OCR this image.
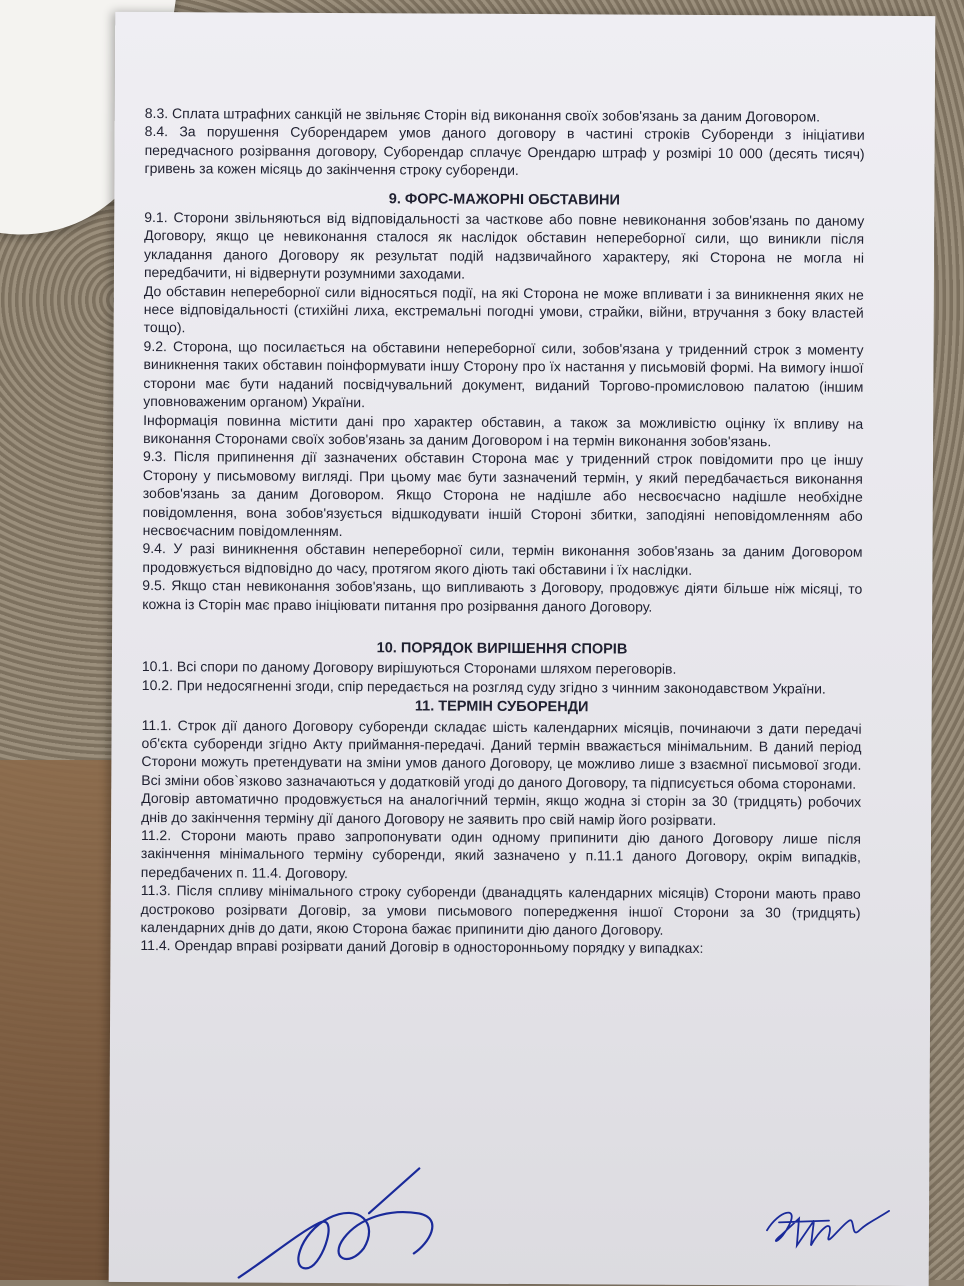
8.3. Сплата штрафних санкцій не звільняє Сторін від виконання своїх зобов'язань за даним Договором.

8.4. За порушення Суборендарем умов даного договору в частині строків Суборенди з ініціативи передчасного розірвання договору, Суборендар сплачує Орендарю штраф у розмірі 10 000 (десять тисяч) гривень за кожен місяць до закінчення строку суборенди.

9. ФОРС-МАЖОРНІ ОБСТАВИНИ

9.1. Сторони звільняються від відповідальності за часткове або повне невиконання зобов'язань по даному Договору, якщо це невиконання сталося як наслідок обставин непереборної сили, що виникли після укладання даного Договору як результат подій надзвичайного характеру, які Сторона не могла ні передбачити, ні відвернути розумними заходами.

До обставин непереборної сили відносяться події, на які Сторона не може впливати і за виникнення яких не несе відповідальності (стихійні лиха, екстремальні погодні умови, страйки, війни, втручання з боку властей тощо).

9.2. Сторона, що посилається на обставини непереборної сили, зобов'язана у триденний строк з моменту виникнення таких обставин поінформувати іншу Сторону про їх настання у письмовій формі. На вимогу іншої сторони має бути наданий посвідчувальний документ, виданий Торгово-промисловою палатою (іншим уповноваженим органом) України.

Інформація повинна містити дані про характер обставин, а також за можливістю оцінку їх впливу на виконання Сторонами своїх зобов'язань за даним Договором і на термін виконання зобов'язань.

9.3. Після припинення дії зазначених обставин Сторона має у триденний строк повідомити про це іншу Сторону у письмовому вигляді. При цьому має бути зазначений термін, у який передбачається виконання зобов'язань за даним Договором. Якщо Сторона не надішле або несвоєчасно надішле необхідне повідомлення, вона зобов'язується відшкодувати іншій Стороні збитки, заподіяні неповідомленням або несвоєчасним повідомленням.

9.4. У разі виникнення обставин непереборної сили, термін виконання зобов'язань за даним Договором продовжується відповідно до часу, протягом якого діють такі обставини і їх наслідки.

9.5. Якщо стан невиконання зобов'язань, що випливають з Договору, продовжує діяти більше ніж місяці, то кожна із Сторін має право ініціювати питання про розірвання даного Договору.

10. ПОРЯДОК ВИРІШЕННЯ СПОРІВ

10.1. Всі спори по даному Договору вирішуються Сторонами шляхом переговорів.

10.2. При недосягненні згоди, спір передається на розгляд суду згідно з чинним законодавством України.

11. ТЕРМІН СУБОРЕНДИ

11.1. Строк дії даного Договору суборенди складає шість календарних місяців, починаючи з дати передачі об'єкта суборенди згідно Акту приймання-передачі. Даний термін вважається мінімальним. В даний період Сторони можуть претендувати на зміни умов даного Договору, це можливо лише з взаємної письмової згоди. Всі зміни обов`язково зазначаються у додатковій угоді до даного Договору, та підписується обома сторонами.

Договір автоматично продовжується на аналогічний термін, якщо жодна зі сторін за 30 (тридцять) робочих днів до закінчення терміну дії даного Договору не заявить про свій намір його розірвати.

11.2. Сторони мають право запропонувати один одному припинити дію даного Договору лише після закінчення мінімального терміну суборенди, який зазначено у п.11.1 даного Договору, окрім випадків, передбачених п. 11.4. Договору.

11.3. Після спливу мінімального строку суборенди (дванадцять календарних місяців) Сторони мають право достроково розірвати Договір, за умови письмового попередження іншої Сторони за 30 (тридцять) календарних днів до дати, якою Сторона бажає припинити дію даного Договору.

11.4. Орендар вправі розірвати даний Договір в односторонньому порядку у випадках:
